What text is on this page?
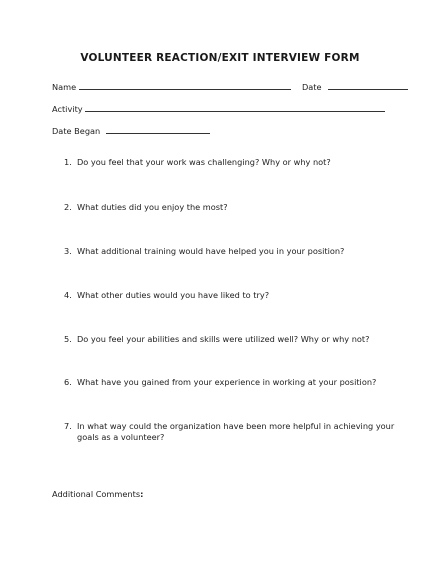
VOLUNTEER REACTION/EXIT INTERVIEW FORM
Name	Date
Activity
Date Began
1. Do you feel that your work was challenging? Why or why not?
2. What duties did you enjoy the most?
3. What additional training would have helped you in your position?
4. What other duties would you have liked to try?
5. Do you feel your abilities and skills were utilized well? Why or why not?
6. What have you gained from your experience in working at your position?
7. In what way could the organization have been more helpful in achieving your goals as a volunteer?
Additional Comments:
